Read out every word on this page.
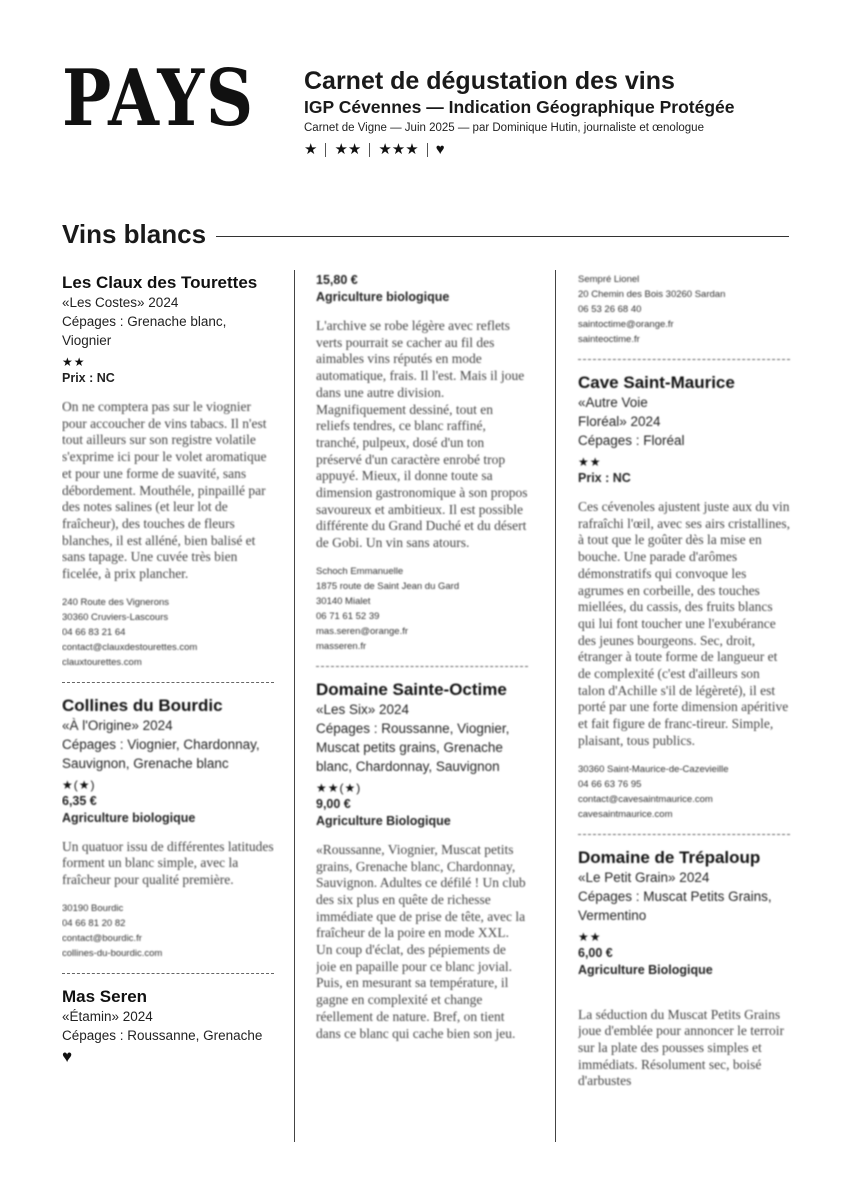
PAYS Carnet de dégustation des vins
IGP Cévennes — Indication Géographique Protégée
Carnet de Vigne — Juin 2025 — par Dominique Hutin, journaliste et œnologue
★ ★★ ★★★ ♥
Vins blancs
Les Claux des Tourettes
«Les Costes» 2024
Cépages : Grenache blanc, Viognier
★★
Prix : NC
On ne comptera pas sur le viognier pour accoucher de vins tabacs. Il n'est tout ailleurs sur son registre volatile s'exprime ici pour le volet aromatique et pour une forme de suavité, sans débordement. Mouthéle, pinpaillé par des notes salines (et leur lot de fraîcheur), des touches de fleurs blanches, il est alléné, bien balisé et sans tapage. Une cuvée très bien ficelée, à prix plancher.
240 Route des Vignerons
30360 Cruviers-Lascours
04 66 83 21 64
contact@clauxdestourettes.com
clauxtourettes.com
Collines du Bourdic
«À l'Origine» 2024
Cépages : Viognier, Chardonnay, Sauvignon, Grenache blanc
★(★)
6,35 €
Agriculture biologique
Un quatuor issu de différentes latitudes forment un blanc simple, avec la fraîcheur pour qualité première.
30190 Bourdic
04 66 81 20 82
contact@bourdic.fr
collines-du-bourdic.com
Mas Seren
«Étamin» 2024
Cépages : Roussanne, Grenache
♥
15,80 €
Agriculture biologique
L'archive se robe légère avec reflets verts pourrait se cacher au fil des aimables vins réputés en mode automatique, frais. Il l'est. Mais il joue dans une autre division. Magnifiquement dessiné, tout en reliefs tendres, ce blanc raffiné, tranché, pulpeux, dosé d'un ton préservé d'un caractère enrobé trop appuyé. Mieux, il donne toute sa dimension gastronomique à son propos savoureux et ambitieux. Il est possible différente du Grand Duché et du désert de Gobi. Un vin sans atours.
Schoch Emmanuelle
1875 route de Saint Jean du Gard
30140 Mialet
06 71 61 52 39
mas.seren@orange.fr
masseren.fr
Domaine Sainte-Octime
«Les Six» 2024
Cépages : Roussanne, Viognier, Muscat petits grains, Grenache blanc, Chardonnay, Sauvignon
★★(★)
9,00 €
Agriculture Biologique
«Roussanne, Viognier, Muscat petits grains, Grenache blanc, Chardonnay, Sauvignon. Adultes ce défilé ! Un club des six plus en quête de richesse immédiate que de prise de tête, avec la fraîcheur de la poire en mode XXL. Un coup d'éclat, des pépiements de joie en papaille pour ce blanc jovial. Puis, en mesurant sa température, il gagne en complexité et change réellement de nature. Bref, on tient dans ce blanc qui cache bien son jeu.
Sempré Lionel
20 Chemin des Bois 30260 Sardan
06 53 26 68 40
saintoctime@orange.fr
sainteoctime.fr
Cave Saint-Maurice
«Autre Voie
Floréal» 2024
Cépages : Floréal
★★
Prix : NC
Ces cévenoles ajustent juste aux du vin rafraîchi l'œil, avec ses airs cristallines, à tout que le goûter dès la mise en bouche. Une parade d'arômes démonstratifs qui convoque les agrumes en corbeille, des touches miellées, du cassis, des fruits blancs qui lui font toucher une l'exubérance des jeunes bourgeons. Sec, droit, étranger à toute forme de langueur et de complexité (c'est d'ailleurs son talon d'Achille s'il de légèreté), il est porté par une forte dimension apéritive et fait figure de franc-tireur. Simple, plaisant, tous publics.
30360 Saint-Maurice-de-Cazevieille
04 66 63 76 95
contact@cavesaintmaurice.com
cavesaintmaurice.com
Domaine de Trépaloup
«Le Petit Grain» 2024
Cépages : Muscat Petits Grains, Vermentino
★★
6,00 €
Agriculture Biologique
La séduction du Muscat Petits Grains joue d'emblée pour annoncer le terroir sur la plate des pousses simples et immédiats. Résolument sec, boisé d'arbustes
